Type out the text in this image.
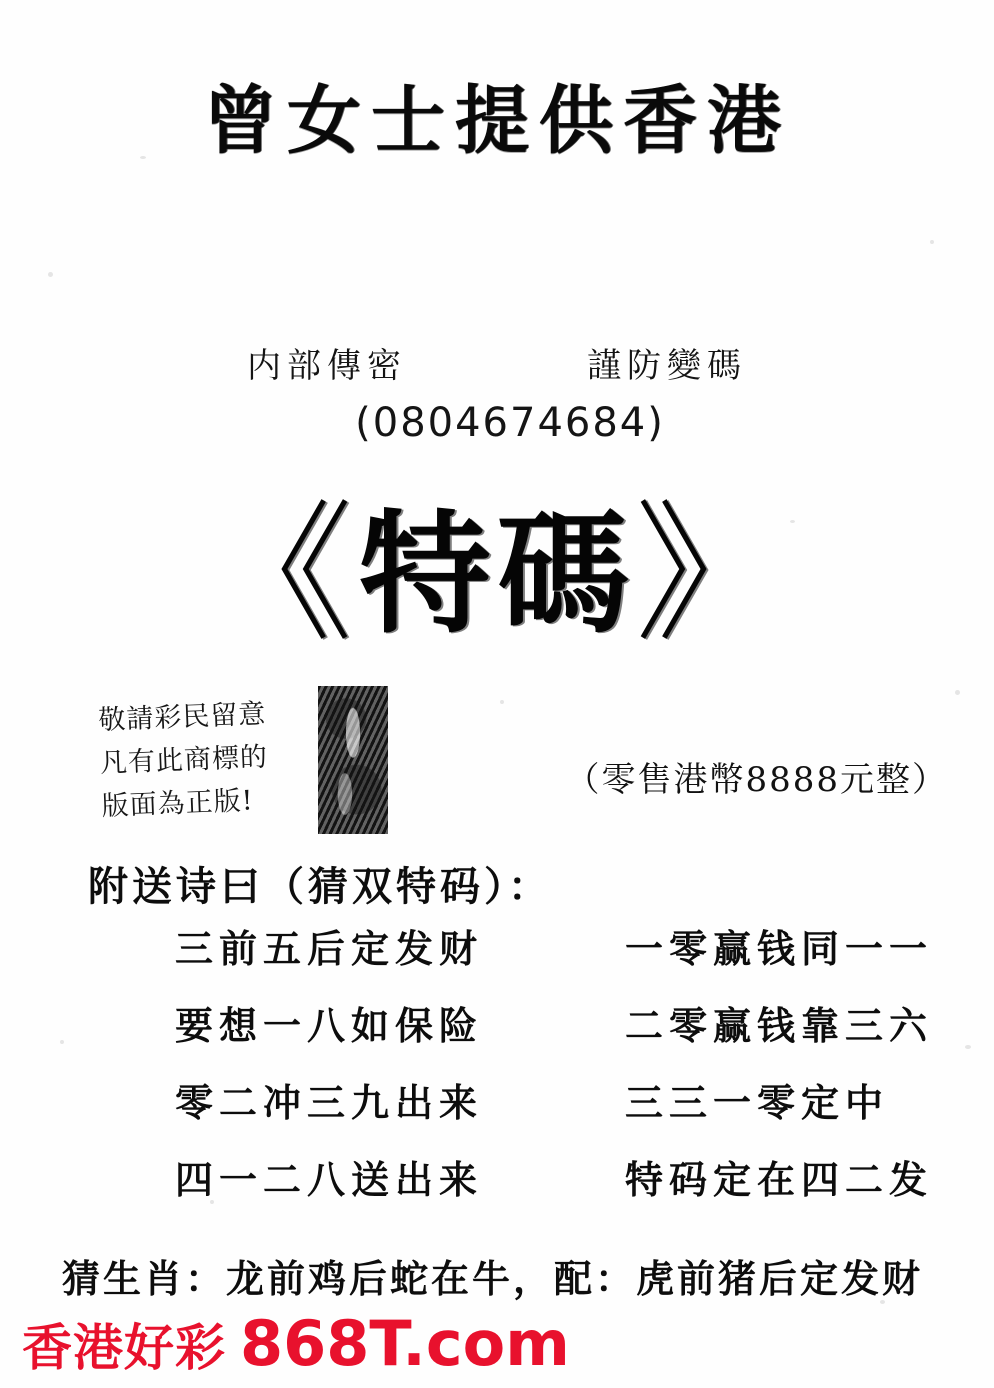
曾女士提供香港
内部傳密	謹防變碼
(0804674684)
《特碼》
敬請彩民留意
凡有此商標的
版面為正版!
（零售港幣8888元整）
附送诗曰（猜双特码）：
三前五后定发财	一零赢钱同一一
要想一八如保险	二零赢钱靠三六
零二冲三九出来	三三一零定中
四一二八送出来	特码定在四二发
猜生肖：龙前鸡后蛇在牛，配：虎前猪后定发财
香港好彩 868T.com
